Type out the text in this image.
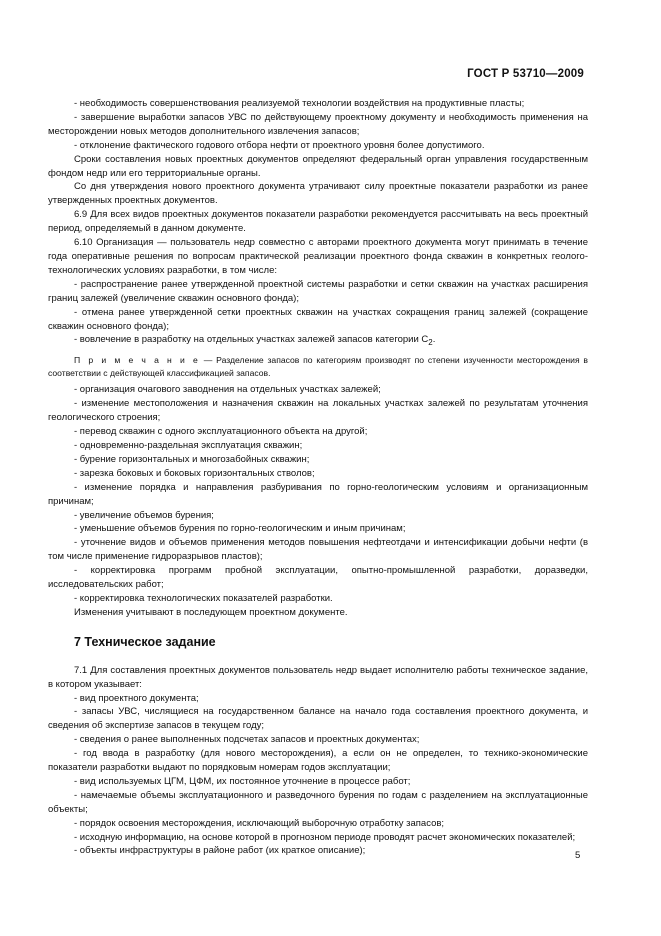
ГОСТ Р 53710—2009

- необходимость совершенствования реализуемой технологии воздействия на продуктивные пласты;

- завершение выработки запасов УВС по действующему проектному документу и необходимость применения на месторождении новых методов дополнительного извлечения запасов;

- отклонение фактического годового отбора нефти от проектного уровня более допустимого.

Сроки составления новых проектных документов определяют федеральный орган управления государственным фондом недр или его территориальные органы.

Со дня утверждения нового проектного документа утрачивают силу проектные показатели разработки из ранее утвержденных проектных документов.

6.9 Для всех видов проектных документов показатели разработки рекомендуется рассчитывать на весь проектный период, определяемый в данном документе.

6.10 Организация — пользователь недр совместно с авторами проектного документа могут принимать в течение года оперативные решения по вопросам практической реализации проектного фонда скважин в конкретных геолого-технологических условиях разработки, в том числе:

- распространение ранее утвержденной проектной системы разработки и сетки скважин на участках расширения границ залежей (увеличение скважин основного фонда);

- отмена ранее утвержденной сетки проектных скважин на участках сокращения границ залежей (сокращение скважин основного фонда);

- вовлечение в разработку на отдельных участках залежей запасов категории $C_2$.

П р и м е ч а н и е — Разделение запасов по категориям производят по степени изученности месторождения в соответствии с действующей классификацией запасов.

- организация очагового заводнения на отдельных участках залежей;

- изменение местоположения и назначения скважин на локальных участках залежей по результатам уточнения геологического строения;

- перевод скважин с одного эксплуатационного объекта на другой;

- одновременно-раздельная эксплуатация скважин;

- бурение горизонтальных и многозабойных скважин;

- зарезка боковых и боковых горизонтальных стволов;

- изменение порядка и направления разбуривания по горно-геологическим условиям и организационным причинам;

- увеличение объемов бурения;

- уменьшение объемов бурения по горно-геологическим и иным причинам;

- уточнение видов и объемов применения методов повышения нефтеотдачи и интенсификации добычи нефти (в том числе применение гидроразрывов пластов);

- корректировка программ пробной эксплуатации, опытно-промышленной разработки, доразведки, исследовательских работ;

- корректировка технологических показателей разработки.

Изменения учитывают в последующем проектном документе.

7 Техническое задание

7.1 Для составления проектных документов пользователь недр выдает исполнителю работы техническое задание, в котором указывает:

- вид проектного документа;

- запасы УВС, числящиеся на государственном балансе на начало года составления проектного документа, и сведения об экспертизе запасов в текущем году;

- сведения о ранее выполненных подсчетах запасов и проектных документах;

- год ввода в разработку (для нового месторождения), а если он не определен, то технико-экономические показатели разработки выдают по порядковым номерам годов эксплуатации;

- вид используемых ЦГМ, ЦФМ, их постоянное уточнение в процессе работ;

- намечаемые объемы эксплуатационного и разведочного бурения по годам с разделением на эксплуатационные объекты;

- порядок освоения месторождения, исключающий выборочную отработку запасов;

- исходную информацию, на основе которой в прогнозном периоде проводят расчет экономических показателей;

- объекты инфраструктуры в районе работ (их краткое описание);	5
